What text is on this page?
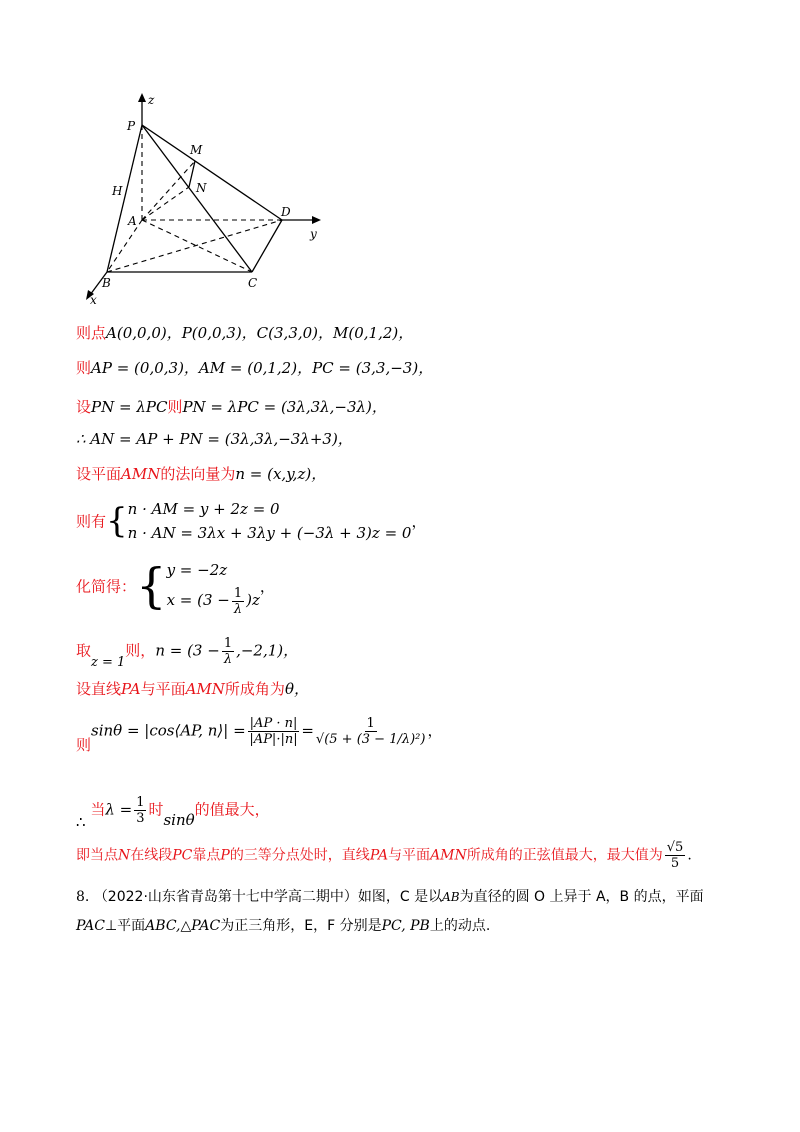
z
y
x
P
M
N
H
A
D
B	C
则点A(0,0,0)，P(0,0,3)，C(3,3,0)，M(0,1,2)，
则AP = (0,0,3)，AM = (0,1,2)，PC = (3,3,−3)，
设PN = λPC则PN = λPC = (3λ,3λ,−3λ)，
∴ AN = AP + PN = (3λ,3λ,−3λ+3)，
设平面AMN的法向量为n = (x,y,z)，
则有{ n · AM = y + 2z = 0
n · AN = 3λx + 3λy + (−3λ + 3)z = 0
，
化简得：{ y = −2z
$x = (3 - \frac{1}{\lambda} )z$
，
取z = 1则，$n = (3 - \frac{1}{\lambda} ,-2,1)$，
设直线PA与平面AMN所成角为θ，
则sinθ = |cos⟨AP, n⟩| = $\frac{|AP \cdot n|}{|AP|\cdot|n|} = \frac{1}{\text{√(5 + (3 − 1/λ)²)}}$ ，
∴ 当$\lambda = \frac{1}{3}$ 时sinθ的值最大，
即当点N在线段PC靠点P的三等分点处时，直线PA与平面AMN所成角的正弦值最大，最大值为 $\frac{√5}{5}$ .
8. （2022·山东省青岛第十七中学高二期中）如图，C 是以AB为直径的圆 O 上异于 A，B 的点，平面
PAC⊥平面ABC,△PAC为正三角形，E，F 分别是PC, PB上的动点.
